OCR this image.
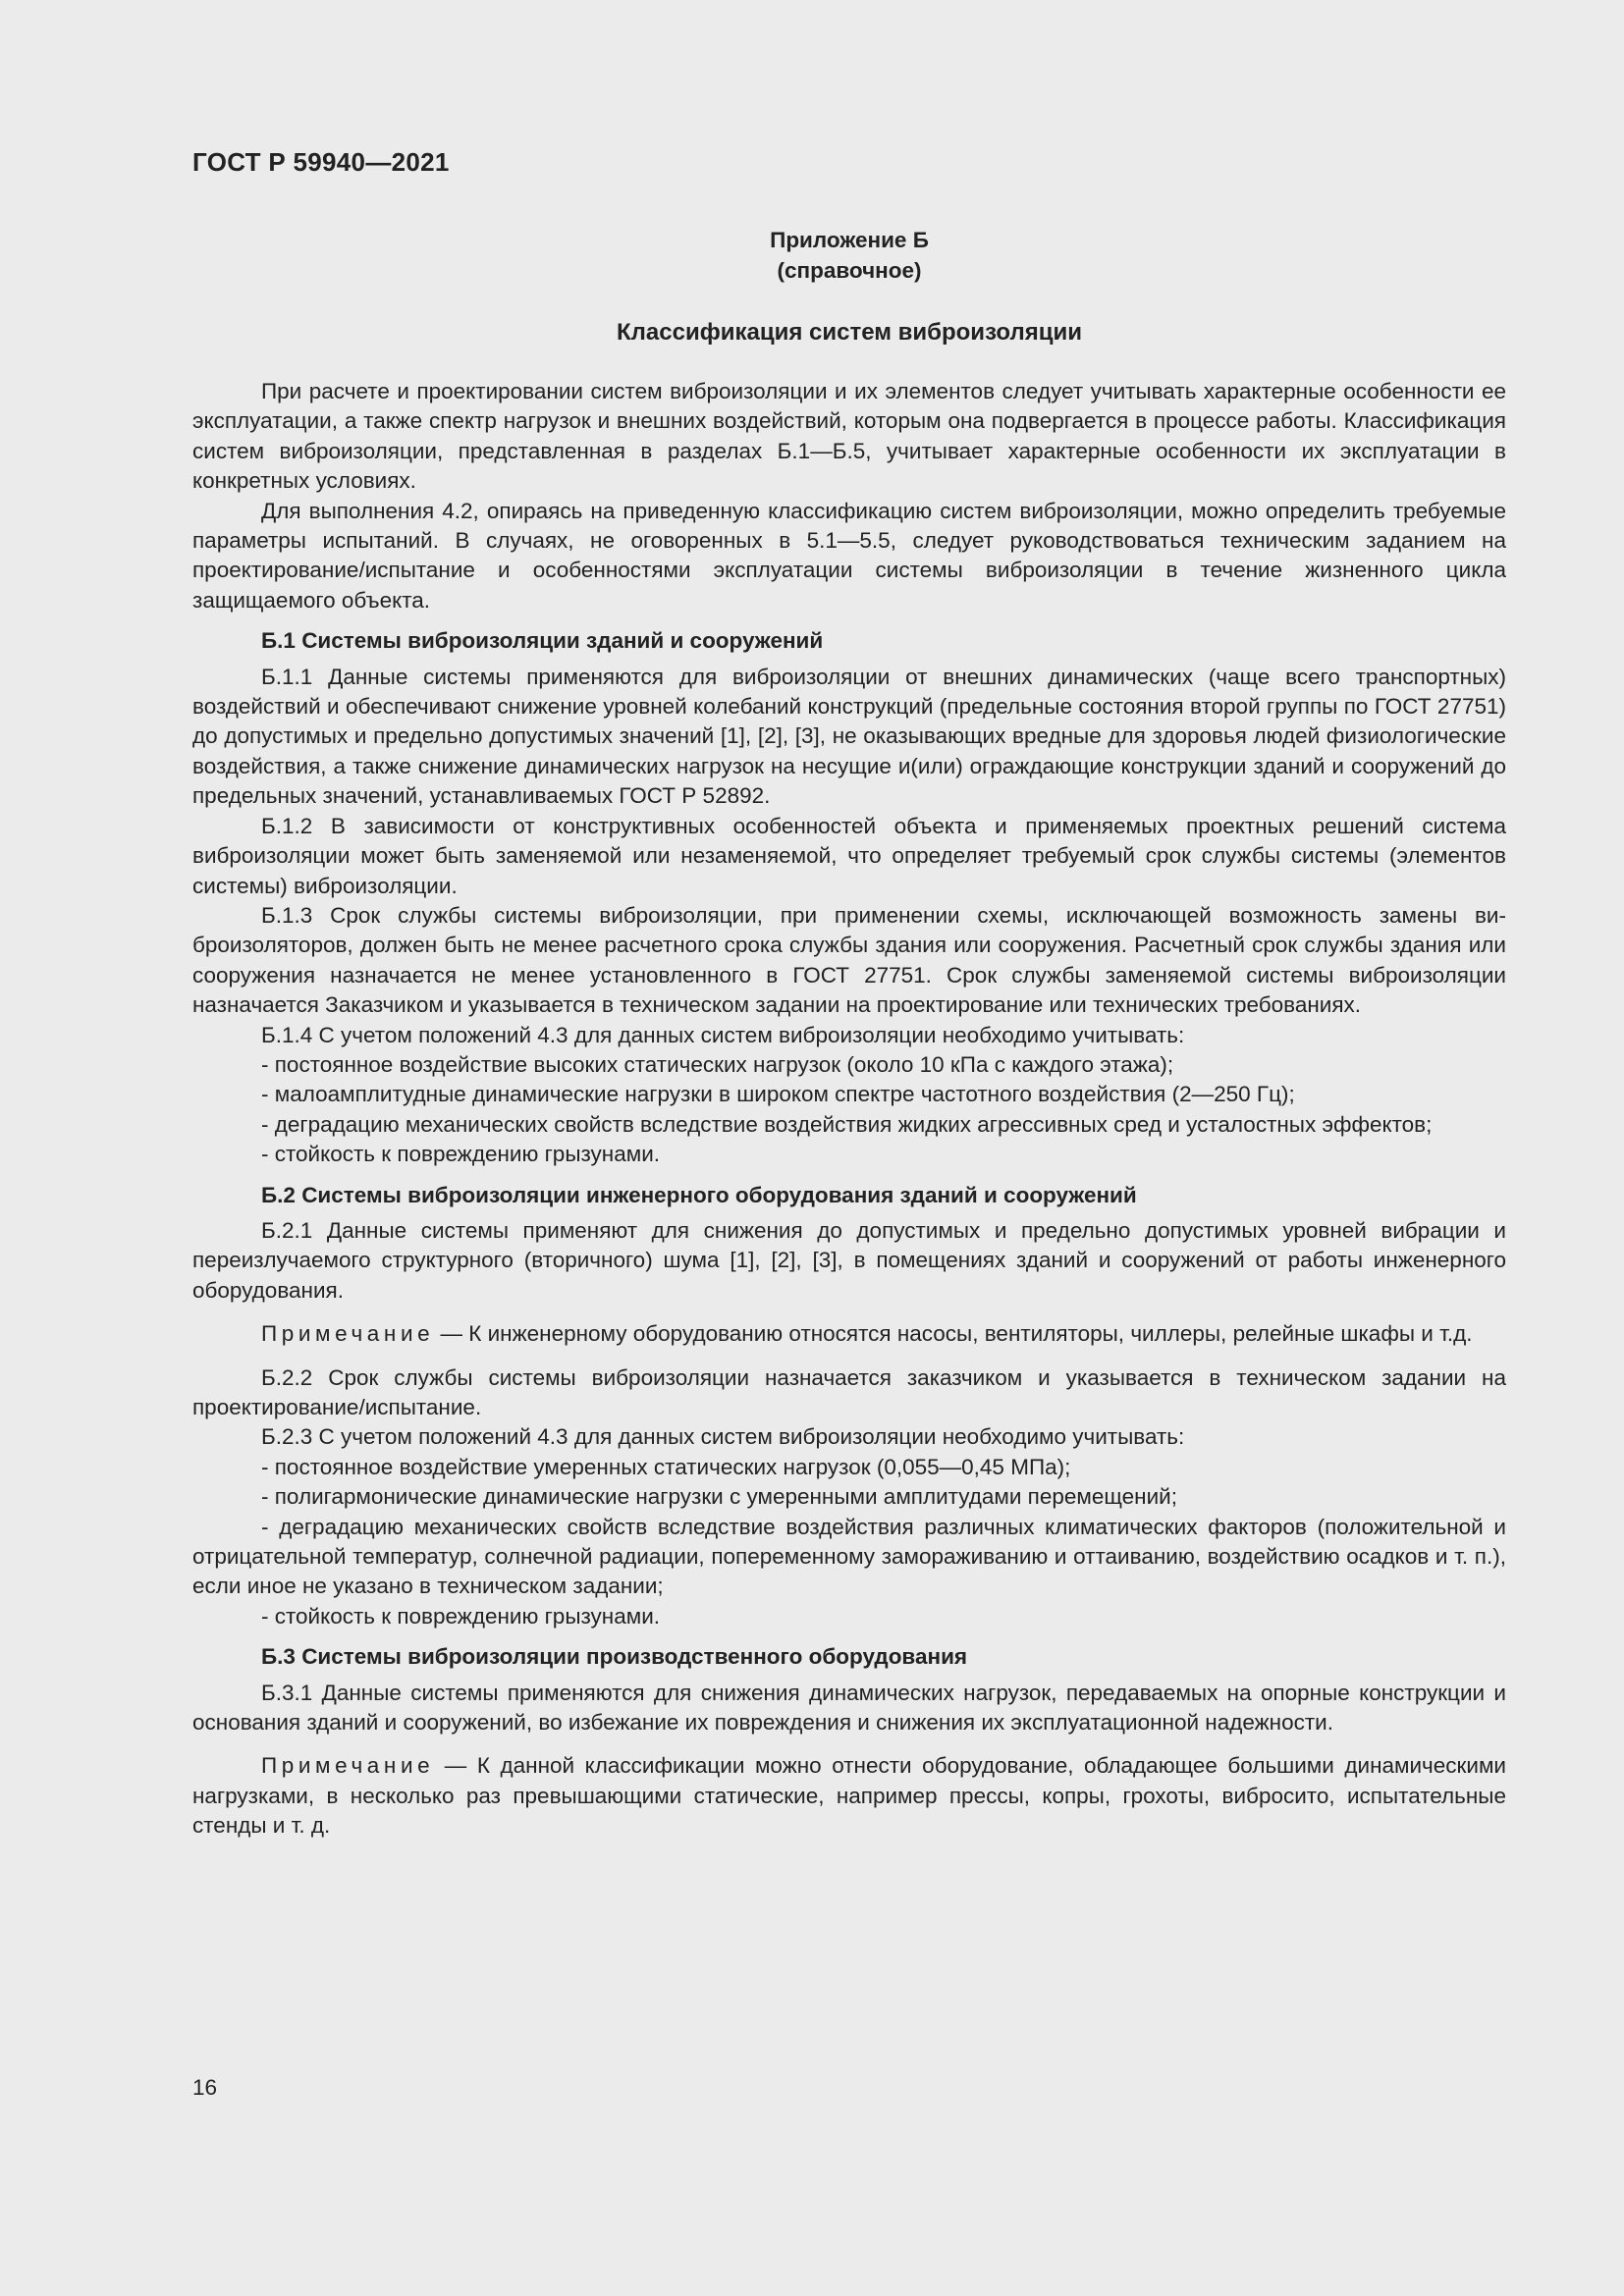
ГОСТ Р 59940—2021
Приложение Б
(справочное)
Классификация систем виброизоляции

При расчете и проектировании систем виброизоляции и их элементов следует учитывать характерные особенности ее эксплуатации, а также спектр нагрузок и внешних воздействий, которым она подвергается в процессе работы. Классификация систем виброизоляции, представленная в разделах Б.1—Б.5, учитывает характерные особенности их эксплуатации в конкретных условиях.

Для выполнения 4.2, опираясь на приведенную классификацию систем виброизоляции, можно определить требуемые параметры испытаний. В случаях, не оговоренных в 5.1—5.5, следует руководствоваться техническим заданием на проектирование/испытание и особенностями эксплуатации системы виброизоляции в течение жизненного цикла защищаемого объекта.

Б.1 Системы виброизоляции зданий и сооружений

Б.1.1 Данные системы применяются для виброизоляции от внешних динамических (чаще всего транспортных) воздействий и обеспечивают снижение уровней колебаний конструкций (предельные состояния второй группы по ГОСТ 27751) до допустимых и предельно допустимых значений [1], [2], [3], не оказывающих вредные для здоровья людей физиологические воздействия, а также снижение динамических нагрузок на несущие и(или) ограждающие конструкции зданий и сооружений до предельных значений, устанавливаемых ГОСТ Р 52892.

Б.1.2 В зависимости от конструктивных особенностей объекта и применяемых проектных решений система виброизоляции может быть заменяемой или незаменяемой, что определяет требуемый срок службы системы (элементов системы) виброизоляции.

Б.1.3 Срок службы системы виброизоляции, при применении схемы, исключающей возможность замены виброизоляторов, должен быть не менее расчетного срока службы здания или сооружения. Расчетный срок службы здания или сооружения назначается не менее установленного в ГОСТ 27751. Срок службы заменяемой системы виброизоляции назначается Заказчиком и указывается в техническом задании на проектирование или технических требованиях.

Б.1.4 С учетом положений 4.3 для данных систем виброизоляции необходимо учитывать:

- постоянное воздействие высоких статических нагрузок (около 10 кПа с каждого этажа);

- малоамплитудные динамические нагрузки в широком спектре частотного воздействия (2—250 Гц);

- деградацию механических свойств вследствие воздействия жидких агрессивных сред и усталостных эффектов;

- стойкость к повреждению грызунами.

Б.2 Системы виброизоляции инженерного оборудования зданий и сооружений

Б.2.1 Данные системы применяют для снижения до допустимых и предельно допустимых уровней вибрации и переизлучаемого структурного (вторичного) шума [1], [2], [3], в помещениях зданий и сооружений от работы инженерного оборудования.

Примечание — К инженерному оборудованию относятся насосы, вентиляторы, чиллеры, релейные шкафы и т.д.

Б.2.2 Срок службы системы виброизоляции назначается заказчиком и указывается в техническом задании на проектирование/испытание.

Б.2.3 С учетом положений 4.3 для данных систем виброизоляции необходимо учитывать:

- постоянное воздействие умеренных статических нагрузок (0,055—0,45 МПа);

- полигармонические динамические нагрузки с умеренными амплитудами перемещений;

- деградацию механических свойств вследствие воздействия различных климатических факторов (положительной и отрицательной температур, солнечной радиации, попеременному замораживанию и оттаиванию, воздействию осадков и т. п.), если иное не указано в техническом задании;

- стойкость к повреждению грызунами.

Б.3 Системы виброизоляции производственного оборудования

Б.3.1 Данные системы применяются для снижения динамических нагрузок, передаваемых на опорные конструкции и основания зданий и сооружений, во избежание их повреждения и снижения их эксплуатационной надежности.

Примечание — К данной классификации можно отнести оборудование, обладающее большими динамическими нагрузками, в несколько раз превышающими статические, например прессы, копры, грохоты, вибросито, испытательные стенды и т. д.

16
